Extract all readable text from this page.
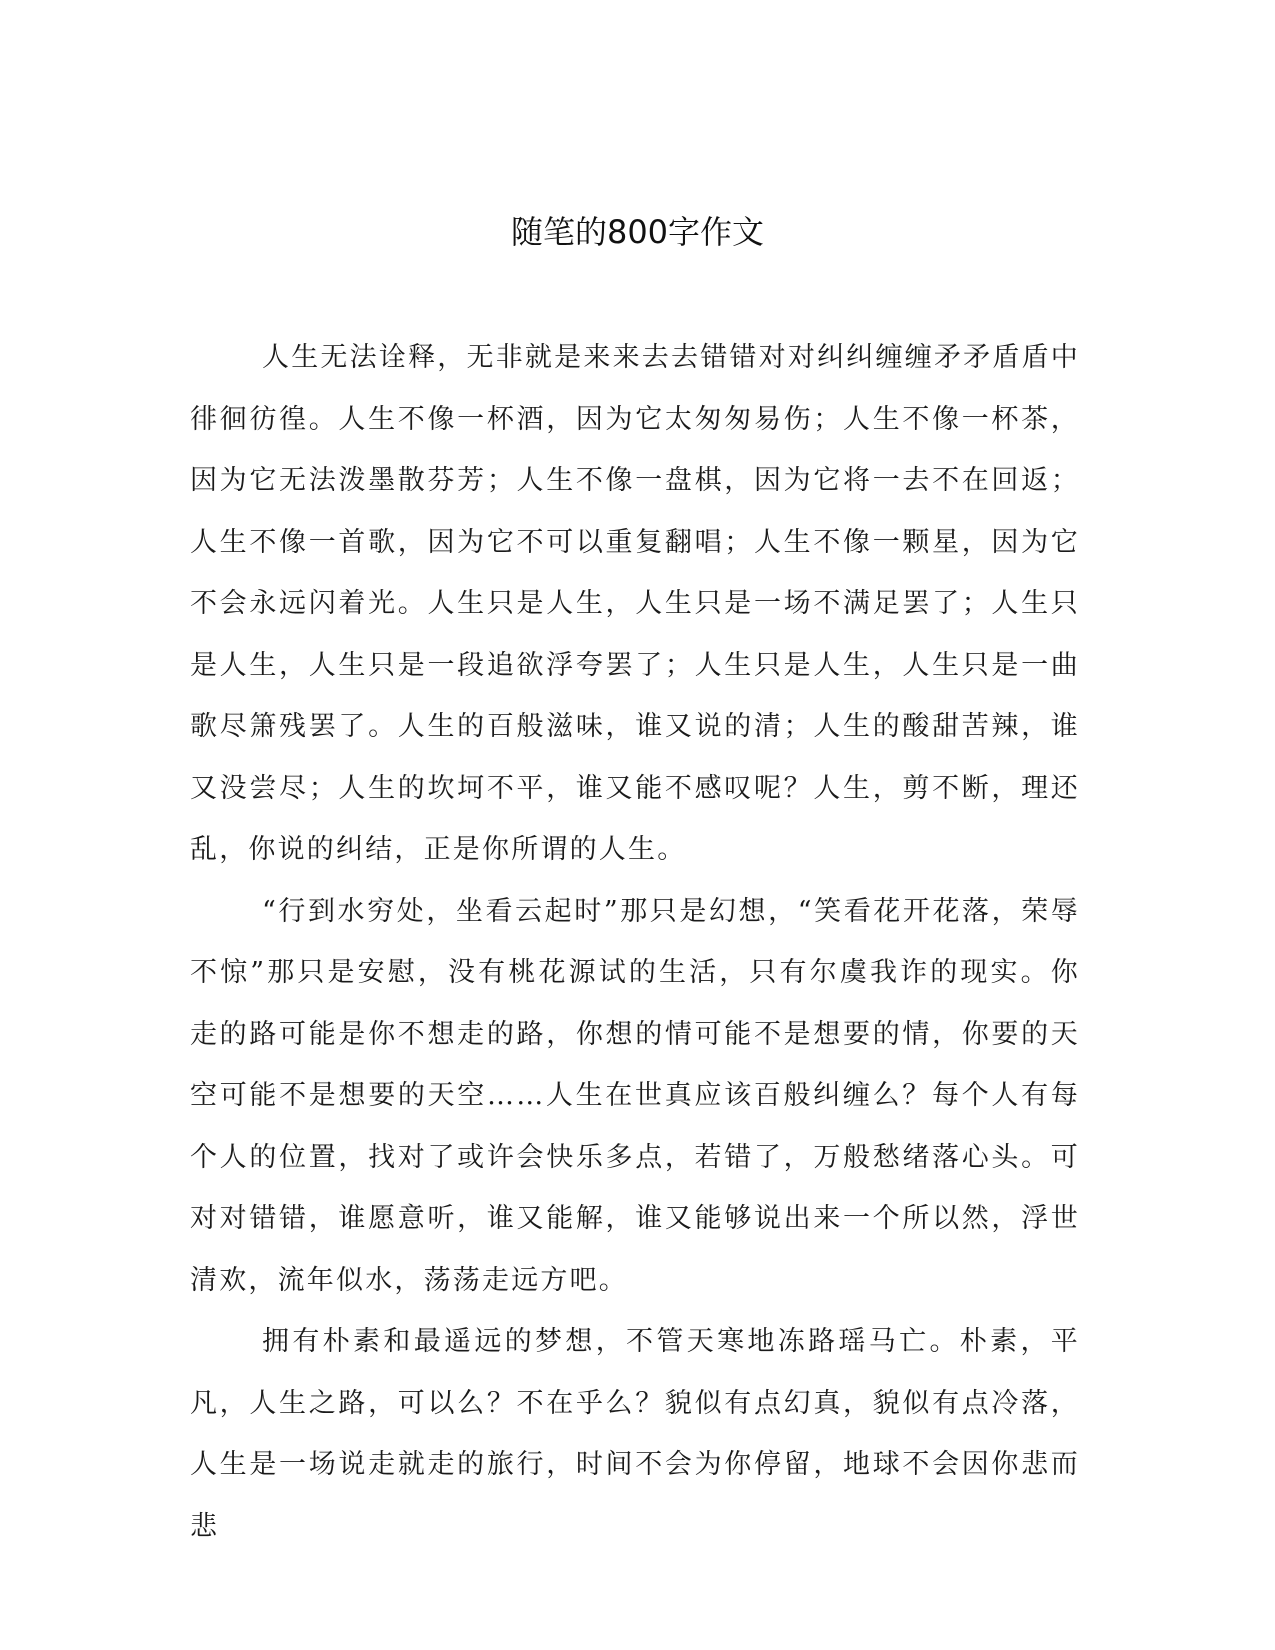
随笔的800字作文

人生无法诠释，无非就是来来去去错错对对纠纠缠缠矛矛盾盾中徘徊彷徨。人生不像一杯酒，因为它太匆匆易伤；人生不像一杯茶，因为它无法泼墨散芬芳；人生不像一盘棋，因为它将一去不在回返；人生不像一首歌，因为它不可以重复翻唱；人生不像一颗星，因为它不会永远闪着光。人生只是人生，人生只是一场不满足罢了；人生只是人生，人生只是一段追欲浮夸罢了；人生只是人生，人生只是一曲歌尽箫残罢了。人生的百般滋味，谁又说的清；人生的酸甜苦辣，谁又没尝尽；人生的坎坷不平，谁又能不感叹呢？人生，剪不断，理还乱，你说的纠结，正是你所谓的人生。

“行到水穷处，坐看云起时”那只是幻想，“笑看花开花落，荣辱不惊”那只是安慰，没有桃花源试的生活，只有尔虞我诈的现实。你走的路可能是你不想走的路，你想的情可能不是想要的情，你要的天空可能不是想要的天空……人生在世真应该百般纠缠么？每个人有每个人的位置，找对了或许会快乐多点，若错了，万般愁绪落心头。可对对错错，谁愿意听，谁又能解，谁又能够说出来一个所以然，浮世清欢，流年似水，荡荡走远方吧。

拥有朴素和最遥远的梦想，不管天寒地冻路瑶马亡。朴素，平凡，人生之路，可以么？不在乎么？貌似有点幻真，貌似有点冷落，人生是一场说走就走的旅行，时间不会为你停留，地球不会因你悲而悲
